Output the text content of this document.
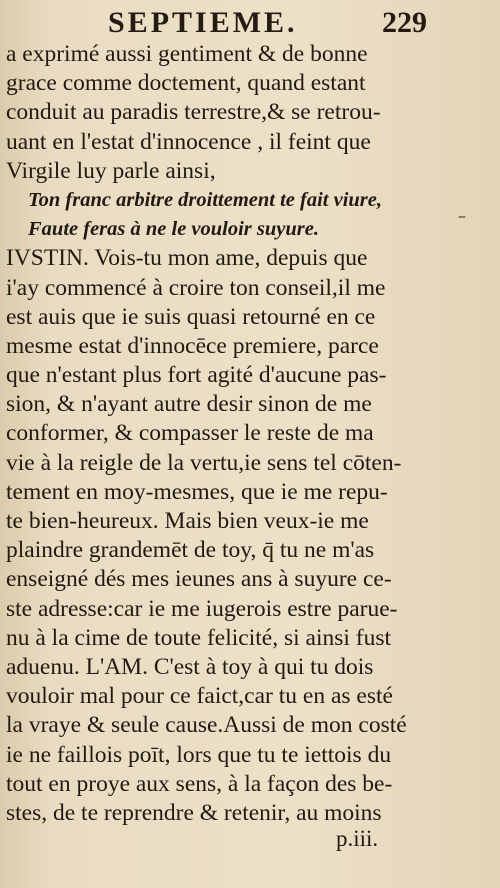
SEPTIEME.	229
–
a exprimé aussi gentiment & de bonne
grace comme doctement, quand estant
conduit au paradis terrestre,& se retrou-
uant en l'estat d'innocence , il feint que
Virgile luy parle ainsi,
Ton franc arbitre droittement te fait viure,
Faute feras à ne le vouloir suyure.
IVSTIN. Vois-tu mon ame, depuis que
i'ay commencé à croire ton conseil,il me
est auis que ie suis quasi retourné en ce
mesme estat d'innocēce premiere, parce
que n'estant plus fort agité d'aucune pas-
sion, & n'ayant autre desir sinon de me
conformer, & compasser le reste de ma
vie à la reigle de la vertu,ie sens tel cōten-
tement en moy-mesmes, que ie me repu-
te bien-heureux. Mais bien veux-ie me
plaindre grandemēt de toy, q̄ tu ne m'as
enseigné dés mes ieunes ans à suyure ce-
ste adresse:car ie me iugerois estre parue-
nu à la cime de toute felicité, si ainsi fust
aduenu. L'AM. C'est à toy à qui tu dois
vouloir mal pour ce faict,car tu en as esté
la vraye & seule cause.Aussi de mon costé
ie ne faillois poīt, lors que tu te iettois du
tout en proye aux sens, à la façon des be-
stes, de te reprendre & retenir, au moins
p.iii.
